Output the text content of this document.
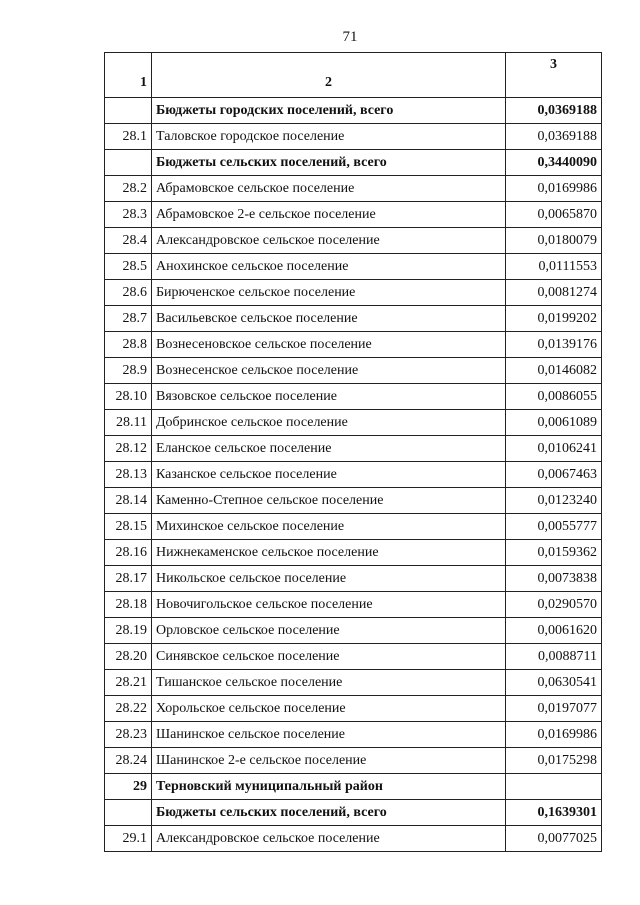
71
1	2	3
	Бюджеты городских поселений, всего	0,0369188
28.1	Таловское городское поселение	0,0369188
	Бюджеты сельских поселений, всего	0,3440090
28.2	Абрамовское сельское поселение	0,0169986
28.3	Абрамовское 2-е сельское поселение	0,0065870
28.4	Александровское сельское поселение	0,0180079
28.5	Анохинское сельское поселение	0,0111553
28.6	Бирюченское сельское поселение	0,0081274
28.7	Васильевское сельское поселение	0,0199202
28.8	Вознесеновское сельское поселение	0,0139176
28.9	Вознесенское сельское поселение	0,0146082
28.10	Вязовское сельское поселение	0,0086055
28.11	Добринское сельское поселение	0,0061089
28.12	Еланское сельское поселение	0,0106241
28.13	Казанское сельское поселение	0,0067463
28.14	Каменно-Степное сельское поселение	0,0123240
28.15	Михинское сельское поселение	0,0055777
28.16	Нижнекаменское сельское поселение	0,0159362
28.17	Никольское сельское поселение	0,0073838
28.18	Новочигольское сельское поселение	0,0290570
28.19	Орловское сельское поселение	0,0061620
28.20	Синявское сельское поселение	0,0088711
28.21	Тишанское сельское поселение	0,0630541
28.22	Хорольское сельское поселение	0,0197077
28.23	Шанинское сельское поселение	0,0169986
28.24	Шанинское 2-е сельское поселение	0,0175298
29	Терновский муниципальный район	
	Бюджеты сельских поселений, всего	0,1639301
29.1	Александровское сельское поселение	0,0077025
